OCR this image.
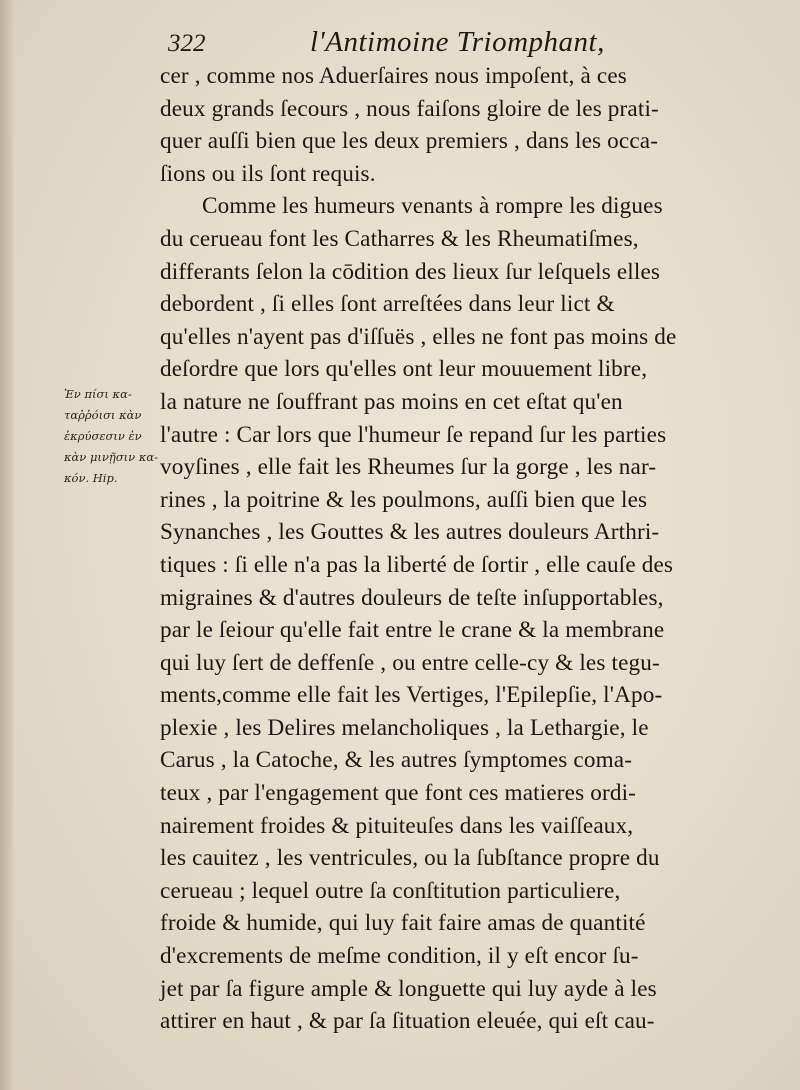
322	l'Antimoine Triomphant,
Ἐν πίσι κα-
ταῤῥόισι κὰν
ἐκρύσεσιν ἐν
κὰν μινῇσιν κα-
κόν. Hip.
cer , comme nos Aduerſaires nous impoſent, à ces
deux grands ſecours , nous faiſons gloire de les prati-
quer auſſi bien que les deux premiers , dans les occa-
ſions ou ils ſont requis.
Comme les humeurs venants à rompre les digues
du cerueau font les Catharres & les Rheumatiſmes,
differants ſelon la cōdition des lieux ſur leſquels elles
debordent , ſi elles ſont arreſtées dans leur lict &
qu'elles n'ayent pas d'iſſuës , elles ne font pas moins de
deſordre que lors qu'elles ont leur mouuement libre,
la nature ne ſouffrant pas moins en cet eſtat qu'en
l'autre : Car lors que l'humeur ſe repand ſur les parties
voyſines , elle fait les Rheumes ſur la gorge , les nar-
rines , la poitrine & les poulmons, auſſi bien que les
Synanches , les Gouttes & les autres douleurs Arthri-
tiques : ſi elle n'a pas la liberté de ſortir , elle cauſe des
migraines & d'autres douleurs de teſte inſupportables,
par le ſeiour qu'elle fait entre le crane & la membrane
qui luy ſert de deffenſe , ou entre celle-cy & les tegu-
ments,comme elle fait les Vertiges, l'Epilepſie, l'Apo-
plexie , les Delires melancholiques , la Lethargie, le
Carus , la Catoche, & les autres ſymptomes coma-
teux , par l'engagement que font ces matieres ordi-
nairement froides & pituiteuſes dans les vaiſſeaux,
les cauitez , les ventricules, ou la ſubſtance propre du
cerueau ; lequel outre ſa conſtitution particuliere,
froide & humide, qui luy fait faire amas de quantité
d'excrements de meſme condition, il y eſt encor ſu-
jet par ſa figure ample & longuette qui luy ayde à les
attirer en haut , & par ſa ſituation eleuée, qui eſt cau-
